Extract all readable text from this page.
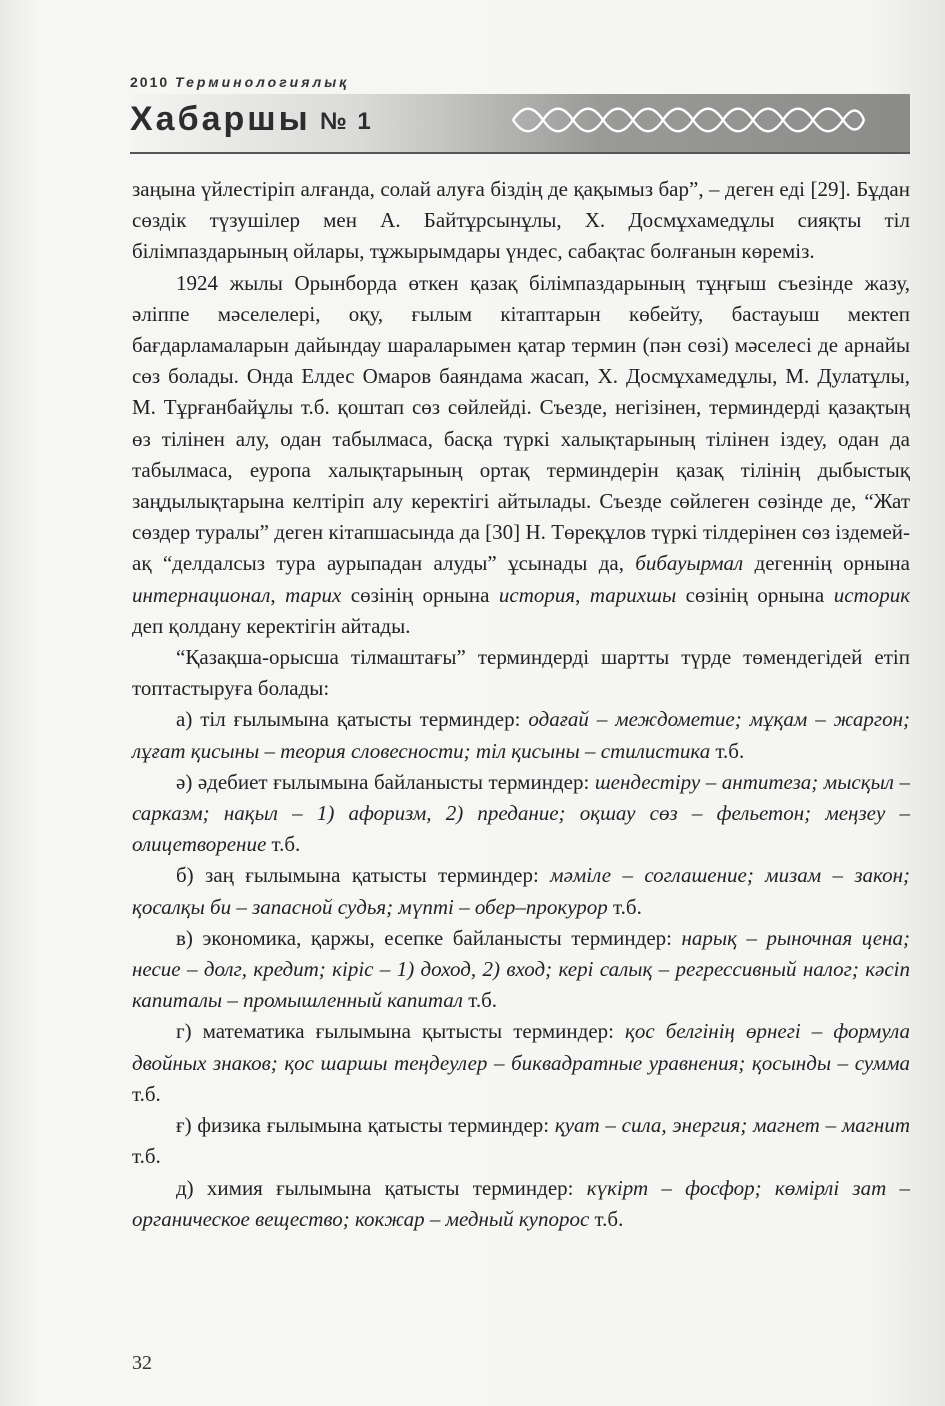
2010 Терминологиялық
Хабаршы № 1

заңына үйлестіріп алғанда, солай алуға біздің де қақымыз бар”, – деген еді [29]. Бұдан сөздік түзушілер мен А. Байтұрсынұлы, Х. Досмұхамедұлы сияқты тіл білімпаздарының ойлары, тұжырымдары үндес, сабақтас болғанын көреміз.

1924 жылы Орынборда өткен қазақ білімпаздарының тұңғыш съезінде жазу, әліппе мәселелері, оқу, ғылым кітаптарын көбейту, бастауыш мектеп бағдарламаларын дайындау шараларымен қатар термин (пән сөзі) мәселесі де арнайы сөз болады. Онда Елдес Омаров баяндама жасап, Х. Досмұхамедұлы, М. Дулатұлы, М. Тұрғанбайұлы т.б. қоштап сөз сөйлейді. Съезде, негізінен, терминдерді қазақтың өз тілінен алу, одан табылмаса, басқа түркі халықтарының тілінен іздеу, одан да табылмаса, еуропа халықтарының ортақ терминдерін қазақ тілінің дыбыстық заңдылықтарына келтіріп алу керектігі айтылады. Съезде сөйлеген сөзінде де, “Жат сөздер туралы” деген кітапшасында да [30] Н. Төреқұлов түркі тілдерінен сөз іздемей-ақ “делдалсыз тура аурыпадан алуды” ұсынады да, бибауырмал дегеннің орнына интернационал, тарих сөзінің орнына история, тарихшы сөзінің орнына историк деп қолдану керектігін айтады.

“Қазақша-орысша тілмаштағы” терминдерді шартты түрде төмендегідей етіп топтастыруға болады:

а) тіл ғылымына қатысты терминдер: одағай – междометие; мұқам – жаргон; лұғат қисыны – теория словесности; тіл қисыны – стилистика т.б.

ә) әдебиет ғылымына байланысты терминдер: шендестіру – антитеза; мысқыл – сарказм; нақыл – 1) афоризм, 2) предание; оқшау сөз – фельетон; меңзеу – олицетворение т.б.

б) заң ғылымына қатысты терминдер: мәміле – соглашение; мизам – закон; қосалқы би – запасной судья; мүпті – обер–прокурор т.б.

в) экономика, қаржы, есепке байланысты терминдер: нарық – рыночная цена; несие – долг, кредит; кіріс – 1) доход, 2) вход; кері салық – регрессивный налог; кәсіп капиталы – промышленный капитал т.б.

г) математика ғылымына қытысты терминдер: қос белгінің өрнегі – формула двойных знаков; қос шаршы теңдеулер – биквадратные уравнения; қосынды – сумма т.б.

ғ) физика ғылымына қатысты терминдер: қуат – сила, энергия; магнет – магнит т.б.

д) химия ғылымына қатысты терминдер: күкірт – фосфор; көмірлі зат – органическое вещество; кокжар – медный купорос т.б.

32
